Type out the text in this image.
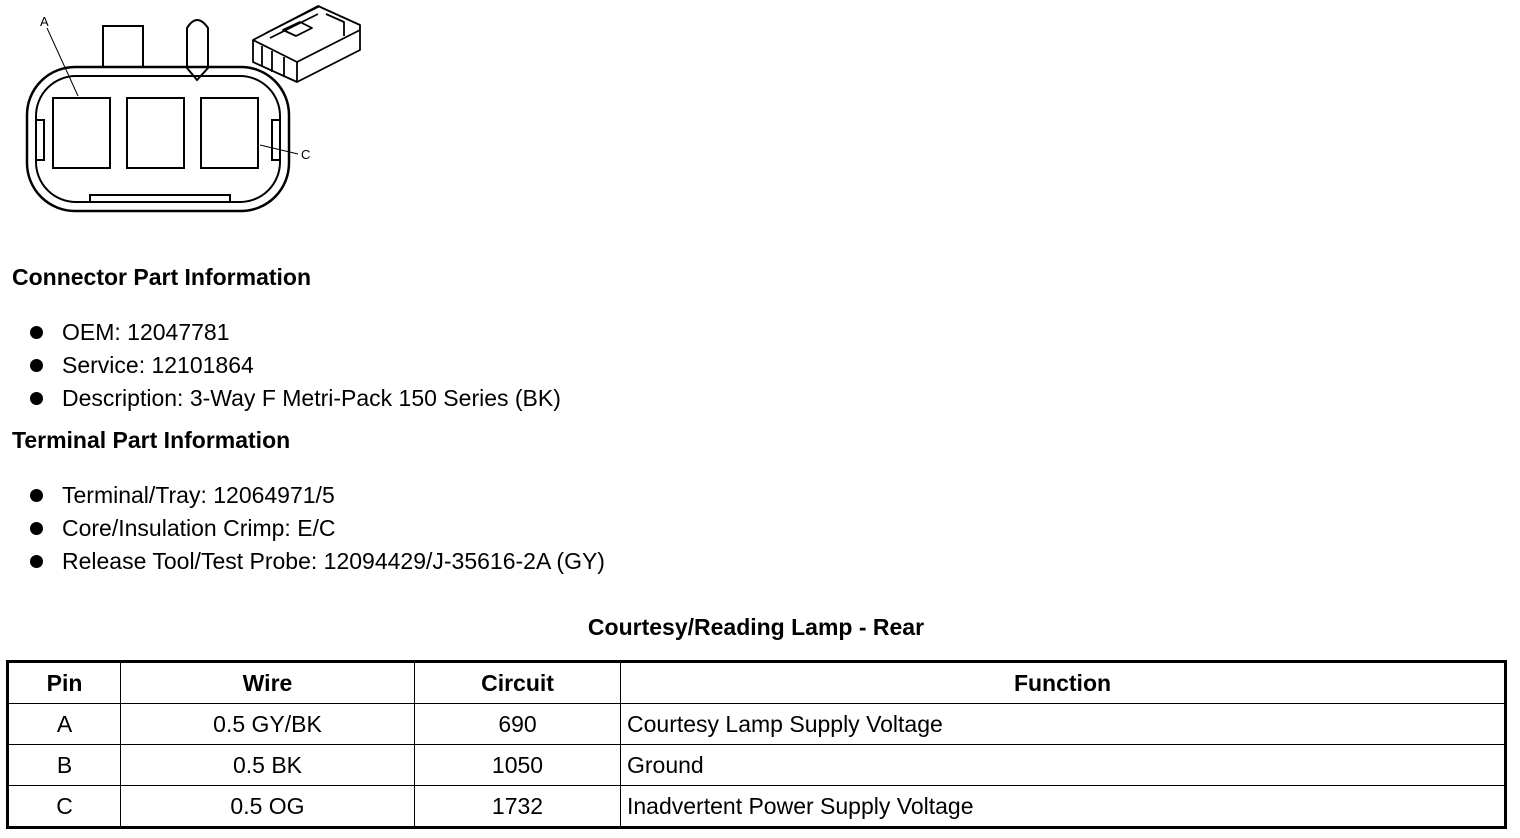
A
C
Connector Part Information
OEM: 12047781
Service: 12101864
Description: 3-Way F Metri-Pack 150 Series (BK)
Terminal Part Information
Terminal/Tray: 12064971/5
Core/Insulation Crimp: E/C
Release Tool/Test Probe: 12094429/J-35616-2A (GY)
Courtesy/Reading Lamp - Rear
Pin	Wire	Circuit	Function
A	0.5 GY/BK	690	Courtesy Lamp Supply Voltage
B	0.5 BK	1050	Ground
C	0.5 OG	1732	Inadvertent Power Supply Voltage
